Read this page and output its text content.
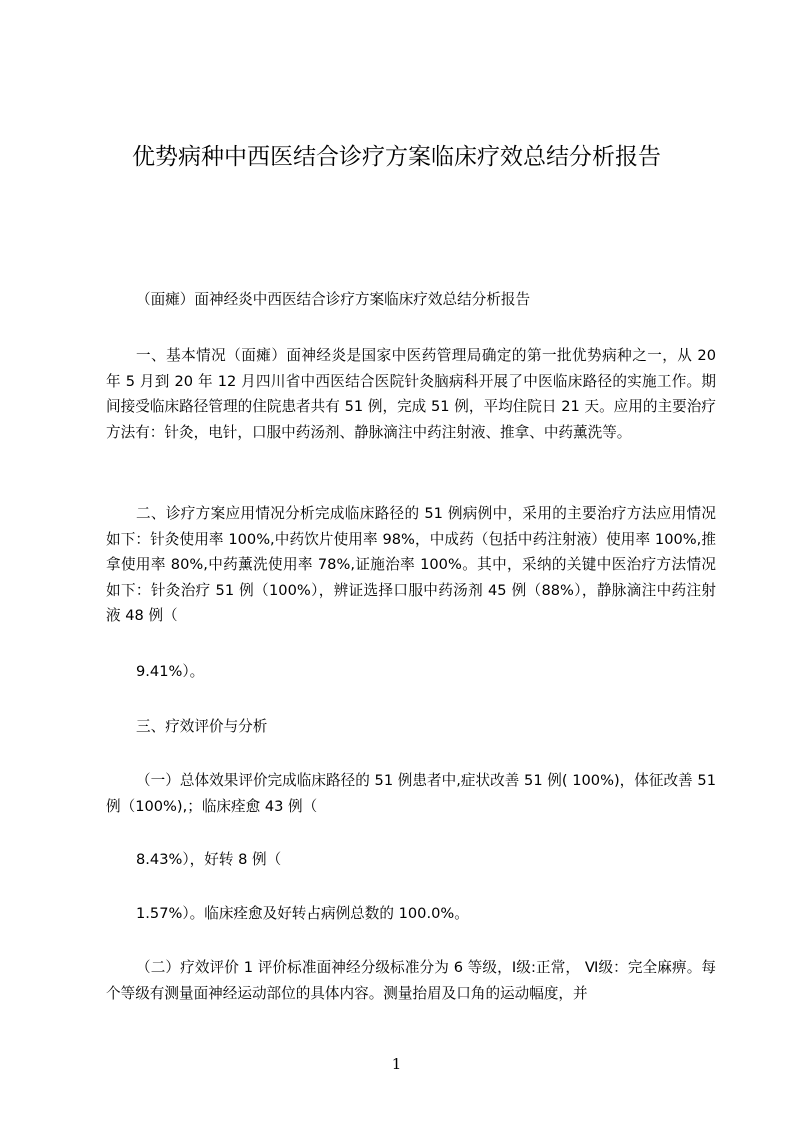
优势病种中西医结合诊疗方案临床疗效总结分析报告

（面瘫）面神经炎中西医结合诊疗方案临床疗效总结分析报告

一、基本情况（面瘫）面神经炎是国家中医药管理局确定的第一批优势病种之一，从 20 年 5 月到 20 年 12 月四川省中西医结合医院针灸脑病科开展了中医临床路径的实施工作。期间接受临床路径管理的住院患者共有 51 例，完成 51 例，平均住院日 21 天。应用的主要治疗方法有：针灸，电针，口服中药汤剂、静脉滴注中药注射液、推拿、中药薰洗等。

二、诊疗方案应用情况分析完成临床路径的 51 例病例中，采用的主要治疗方法应用情况如下：针灸使用率 100%,中药饮片使用率 98%，中成药（包括中药注射液）使用率 100%,推拿使用率 80%,中药薰洗使用率 78%,证施治率 100%。其中，采纳的关键中医治疗方法情况如下：针灸治疗 51 例（100%），辨证选择口服中药汤剂 45 例（88%），静脉滴注中药注射液 48 例（

9.41%）。

三、疗效评价与分析

（一）总体效果评价完成临床路径的 51 例患者中,症状改善 51 例( 100%)，体征改善 51 例（100%),；临床痊愈 43 例（

8.43%），好转 8 例（

1.57%）。临床痊愈及好转占病例总数的 100.0%。

（二）疗效评价 1 评价标准面神经分级标准分为 6 等级，Ⅰ级:正常， Ⅵ级：完全麻痹。每个等级有测量面神经运动部位的具体内容。测量抬眉及口角的运动幅度，并

1
